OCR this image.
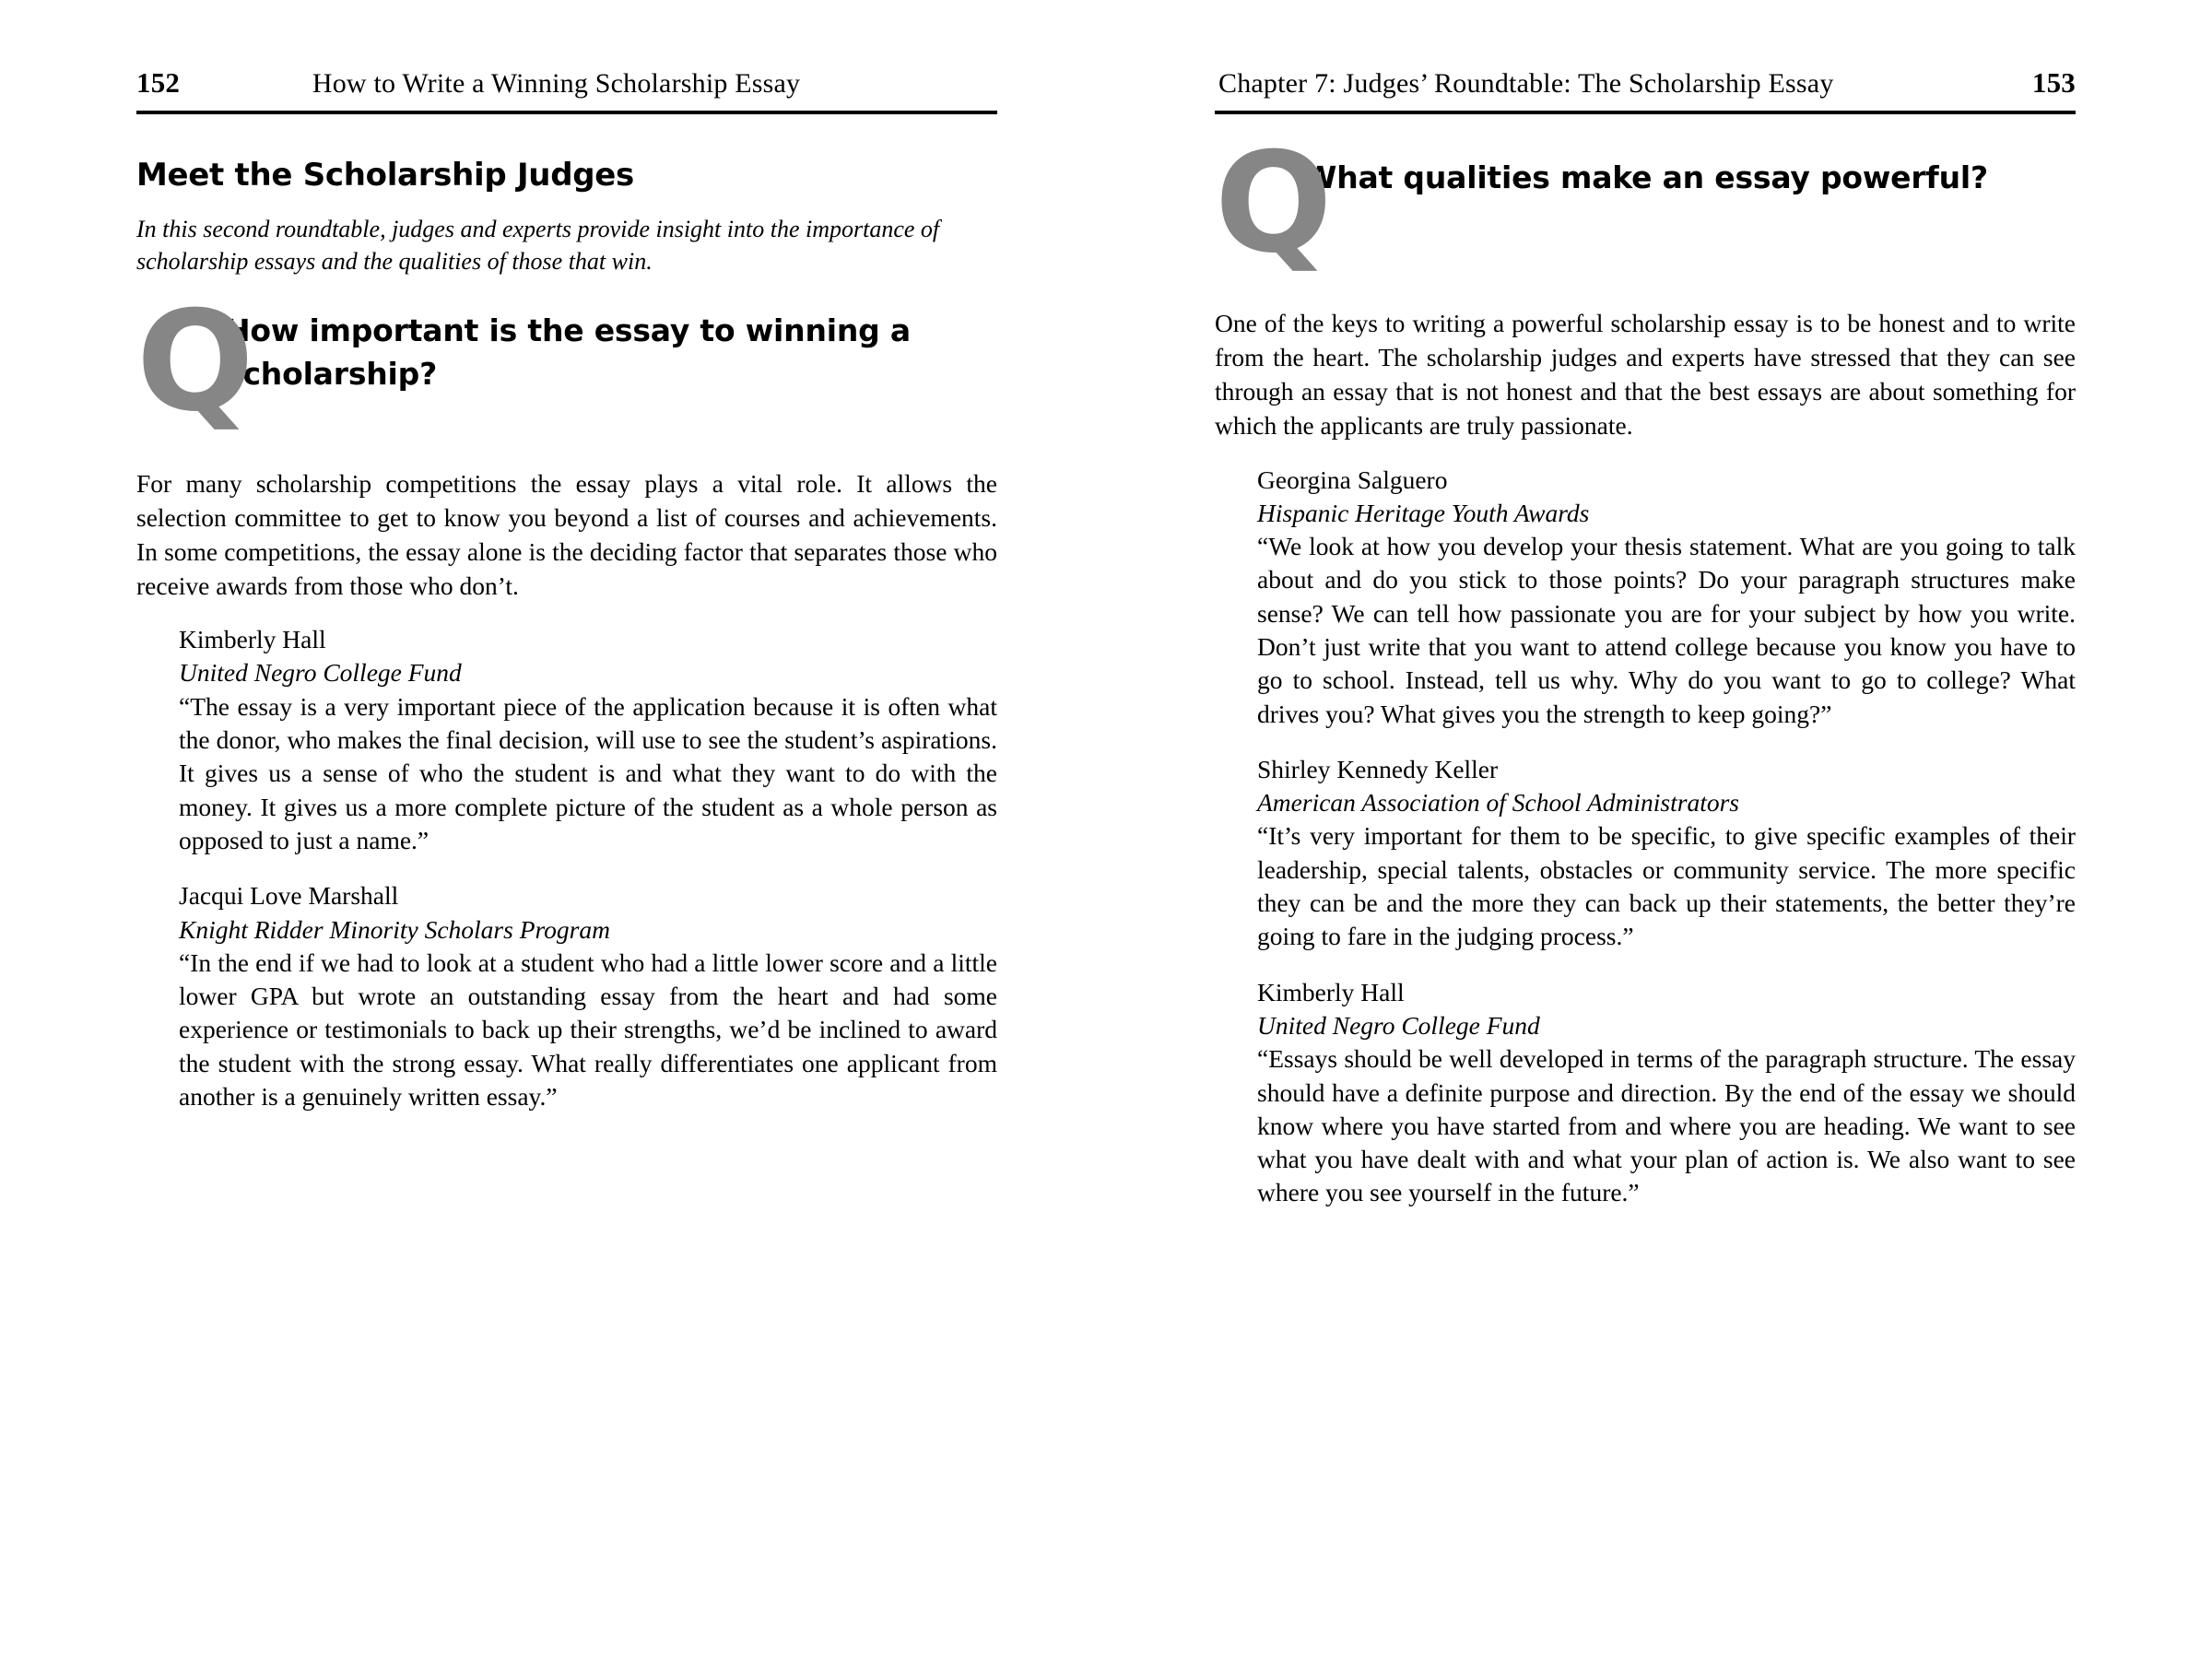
152	How to Write a Winning Scholarship Essay
Meet the Scholarship Judges

In this second roundtable, judges and experts provide insight into the importance of scholarship essays and the qualities of those that win.

Q
How important is the essay to winning a scholarship?

For many scholarship competitions the essay plays a vital role. It allows the selection committee to get to know you beyond a list of courses and achievements. In some competitions, the essay alone is the deciding factor that separates those who receive awards from those who don’t.

Kimberly Hall
United Negro College Fund

“The essay is a very important piece of the application because it is often what the donor, who makes the final decision, will use to see the student’s aspirations. It gives us a sense of who the student is and what they want to do with the money. It gives us a more complete picture of the student as a whole person as opposed to just a name.”

Jacqui Love Marshall
Knight Ridder Minority Scholars Program

“In the end if we had to look at a student who had a little lower score and a little lower GPA but wrote an outstanding essay from the heart and had some experience or testimonials to back up their strengths, we’d be inclined to award the student with the strong essay. What really differentiates one applicant from another is a genuinely written essay.”

Chapter 7: Judges’ Roundtable: The Scholarship Essay	153
Q
What qualities make an essay powerful?

One of the keys to writing a powerful scholarship essay is to be honest and to write from the heart. The scholarship judges and experts have stressed that they can see through an essay that is not honest and that the best essays are about something for which the applicants are truly passionate.

Georgina Salguero
Hispanic Heritage Youth Awards

“We look at how you develop your thesis statement. What are you going to talk about and do you stick to those points? Do your paragraph structures make sense? We can tell how passionate you are for your subject by how you write. Don’t just write that you want to attend college because you know you have to go to school. Instead, tell us why. Why do you want to go to college? What drives you? What gives you the strength to keep going?”

Shirley Kennedy Keller
American Association of School Administrators

“It’s very important for them to be specific, to give specific examples of their leadership, special talents, obstacles or community service. The more specific they can be and the more they can back up their statements, the better they’re going to fare in the judging process.”

Kimberly Hall
United Negro College Fund

“Essays should be well developed in terms of the paragraph structure. The essay should have a definite purpose and direction. By the end of the essay we should know where you have started from and where you are heading. We want to see what you have dealt with and what your plan of action is. We also want to see where you see yourself in the future.”
